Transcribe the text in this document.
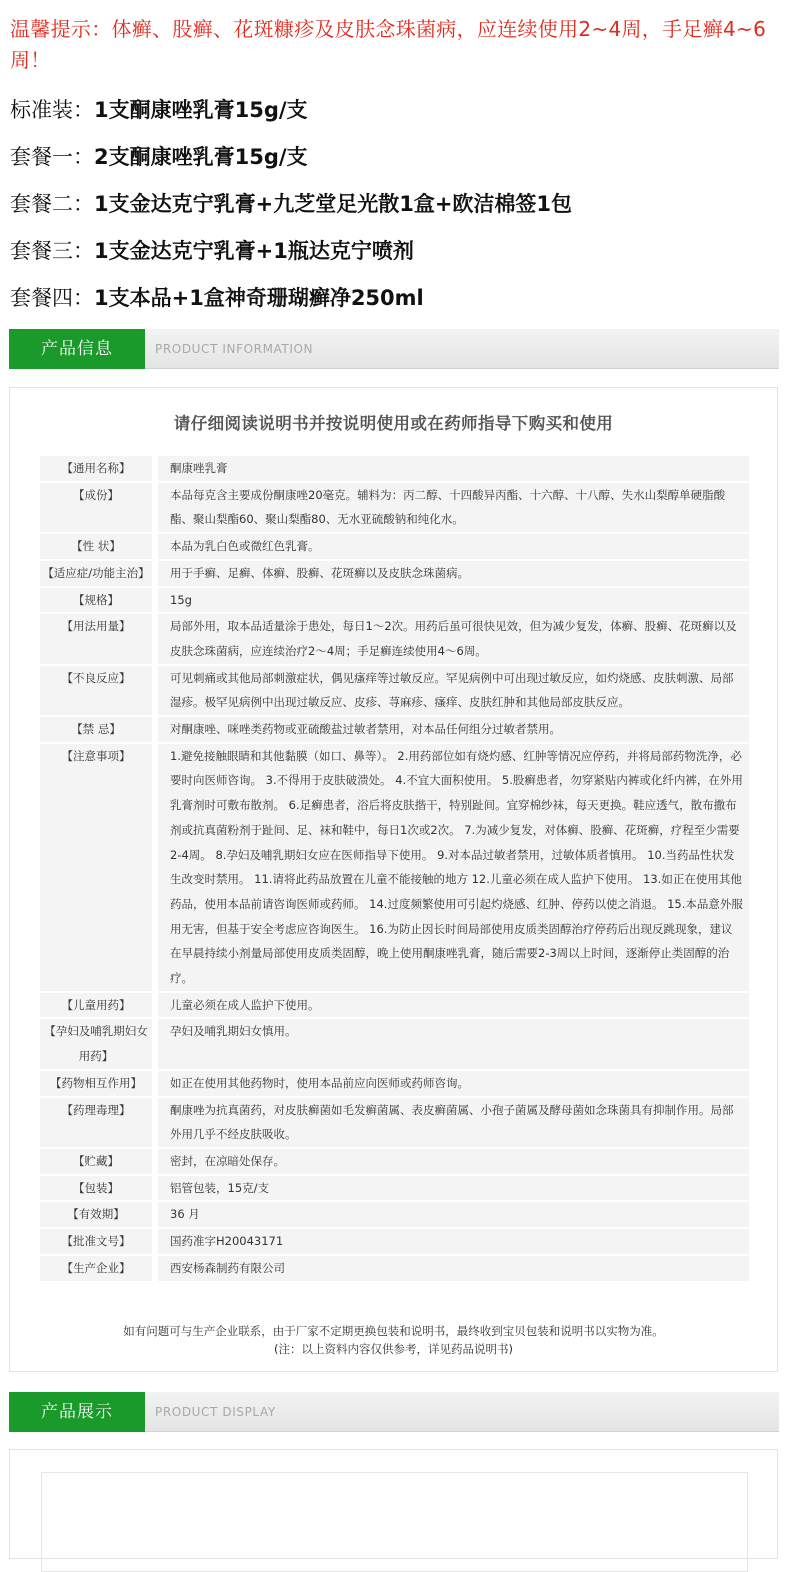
温馨提示：体癣、股癣、花斑糠疹及皮肤念珠菌病，应连续使用2~4周，手足癣4~6周！
标准装：1支酮康唑乳膏15g/支
套餐一：2支酮康唑乳膏15g/支
套餐二：1支金达克宁乳膏+九芝堂足光散1盒+欧洁棉签1包
套餐三：1支金达克宁乳膏+1瓶达克宁喷剂
套餐四：1支本品+1盒神奇珊瑚癣净250ml
产品信息	PRODUCT INFORMATION
请仔细阅读说明书并按说明使用或在药师指导下购买和使用
【通用名称】	酮康唑乳膏
【成份】	本品每克含主要成份酮康唑20毫克。辅料为：丙二醇、十四酸异丙酯、十六醇、十八醇、失水山梨醇单硬脂酸酯、聚山梨酯60、聚山梨酯80、无水亚硫酸钠和纯化水。
【性 状】	本品为乳白色或微红色乳膏。
【适应症/功能主治】	用于手癣、足癣、体癣、股癣、花斑癣以及皮肤念珠菌病。
【规格】	15g
【用法用量】	局部外用，取本品适量涂于患处，每日1～2次。用药后虽可很快见效，但为减少复发，体癣、股癣、花斑癣以及皮肤念珠菌病，应连续治疗2～4周；手足癣连续使用4～6周。
【不良反应】	可见刺痛或其他局部刺激症状，偶见瘙痒等过敏反应。罕见病例中可出现过敏反应，如灼烧感、皮肤刺激、局部湿疹。极罕见病例中出现过敏反应、皮疹、荨麻疹、瘙痒、皮肤红肿和其他局部皮肤反应。
【禁 忌】	对酮康唑、咪唑类药物或亚硫酸盐过敏者禁用，对本品任何组分过敏者禁用。
【注意事项】	1.避免接触眼睛和其他黏膜（如口、鼻等）。 2.用药部位如有烧灼感、红肿等情况应停药，并将局部药物洗净，必要时向医师咨询。 3.不得用于皮肤破溃处。 4.不宜大面积使用。 5.股癣患者，勿穿紧贴内裤或化纤内裤，在外用乳膏剂时可敷布散剂。 6.足癣患者，浴后将皮肤揩干，特别趾间。宜穿棉纱袜，每天更换。鞋应透气，散布撒布剂或抗真菌粉剂于趾间、足、袜和鞋中，每日1次或2次。 7.为减少复发，对体癣、股癣、花斑癣，疗程至少需要2-4周。 8.孕妇及哺乳期妇女应在医师指导下使用。 9.对本品过敏者禁用，过敏体质者慎用。 10.当药品性状发生改变时禁用。 11.请将此药品放置在儿童不能接触的地方 12.儿童必须在成人监护下使用。 13.如正在使用其他药品，使用本品前请咨询医师或药师。 14.过度频繁使用可引起灼烧感、红肿、停药以使之消退。 15.本品意外服用无害，但基于安全考虑应咨询医生。 16.为防止因长时间局部使用皮质类固醇治疗停药后出现反跳现象，建议在早晨持续小剂量局部使用皮质类固醇，晚上使用酮康唑乳膏，随后需要2-3周以上时间，逐渐停止类固醇的治疗。
【儿童用药】	儿童必须在成人监护下使用。
【孕妇及哺乳期妇女用药】
孕妇及哺乳期妇女慎用。
【药物相互作用】	如正在使用其他药物时，使用本品前应向医师或药师咨询。
【药理毒理】	酮康唑为抗真菌药，对皮肤癣菌如毛发癣菌属、表皮癣菌属、小孢子菌属及酵母菌如念珠菌具有抑制作用。局部外用几乎不经皮肤吸收。
【贮藏】	密封，在凉暗处保存。
【包装】	铝管包装，15克/支
【有效期】	36 月
【批准文号】	国药准字H20043171
【生产企业】	西安杨森制药有限公司
如有问题可与生产企业联系，由于厂家不定期更换包装和说明书，最终收到宝贝包装和说明书以实物为准。
(注：以上资料内容仅供参考，详见药品说明书)
产品展示	PRODUCT DISPLAY
